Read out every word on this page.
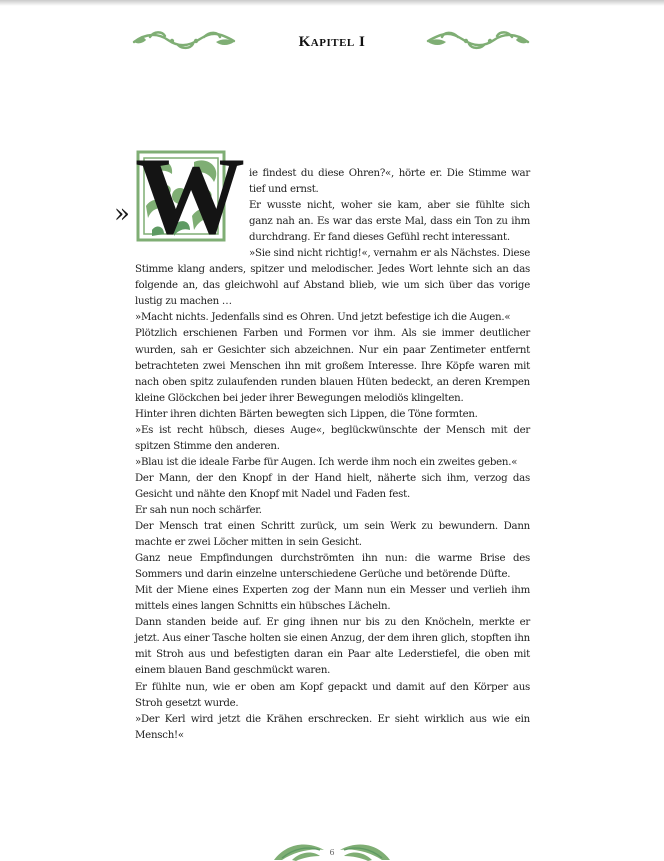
Kapitel I
» W ie findest du diese Ohren?«, hörte er. Die Stimme war tief und ernst.

Er wusste nicht, woher sie kam, aber sie fühlte sich ganz nah an. Es war das erste Mal, dass ein Ton zu ihm durchdrang. Er fand dieses Gefühl recht interessant.

»Sie sind nicht richtig!«, vernahm er als Nächstes. Diese Stimme klang anders, spitzer und melodischer. Jedes Wort lehnte sich an das folgende an, das gleichwohl auf Abstand blieb, wie um sich über das vorige lustig zu machen …

»Macht nichts. Jedenfalls sind es Ohren. Und jetzt befestige ich die Augen.«

Plötzlich erschienen Farben und Formen vor ihm. Als sie immer deutlicher wurden, sah er Gesichter sich abzeichnen. Nur ein paar Zentimeter entfernt betrachteten zwei Menschen ihn mit großem Interesse. Ihre Köpfe waren mit nach oben spitz zulaufenden runden blauen Hüten bedeckt, an deren Krempen kleine Glöckchen bei jeder ihrer Bewegungen melodiös klingelten.

Hinter ihren dichten Bärten bewegten sich Lippen, die Töne formten.

»Es ist recht hübsch, dieses Auge«, beglückwünschte der Mensch mit der spitzen Stimme den anderen.

»Blau ist die ideale Farbe für Augen. Ich werde ihm noch ein zweites geben.«

Der Mann, der den Knopf in der Hand hielt, näherte sich ihm, verzog das Gesicht und nähte den Knopf mit Nadel und Faden fest.

Er sah nun noch schärfer.

Der Mensch trat einen Schritt zurück, um sein Werk zu bewundern. Dann machte er zwei Löcher mitten in sein Gesicht.

Ganz neue Empfindungen durchströmten ihn nun: die warme Brise des Sommers und darin einzelne unterschiedene Gerüche und betörende Düfte.

Mit der Miene eines Experten zog der Mann nun ein Messer und verlieh ihm mittels eines langen Schnitts ein hübsches Lächeln.

Dann standen beide auf. Er ging ihnen nur bis zu den Knöcheln, merkte er jetzt. Aus einer Tasche holten sie einen Anzug, der dem ihren glich, stopften ihn mit Stroh aus und befestigten daran ein Paar alte Lederstiefel, die oben mit einem blauen Band geschmückt waren.

Er fühlte nun, wie er oben am Kopf gepackt und damit auf den Körper aus Stroh gesetzt wurde.

»Der Kerl wird jetzt die Krähen erschrecken. Er sieht wirklich aus wie ein Mensch!«

6
